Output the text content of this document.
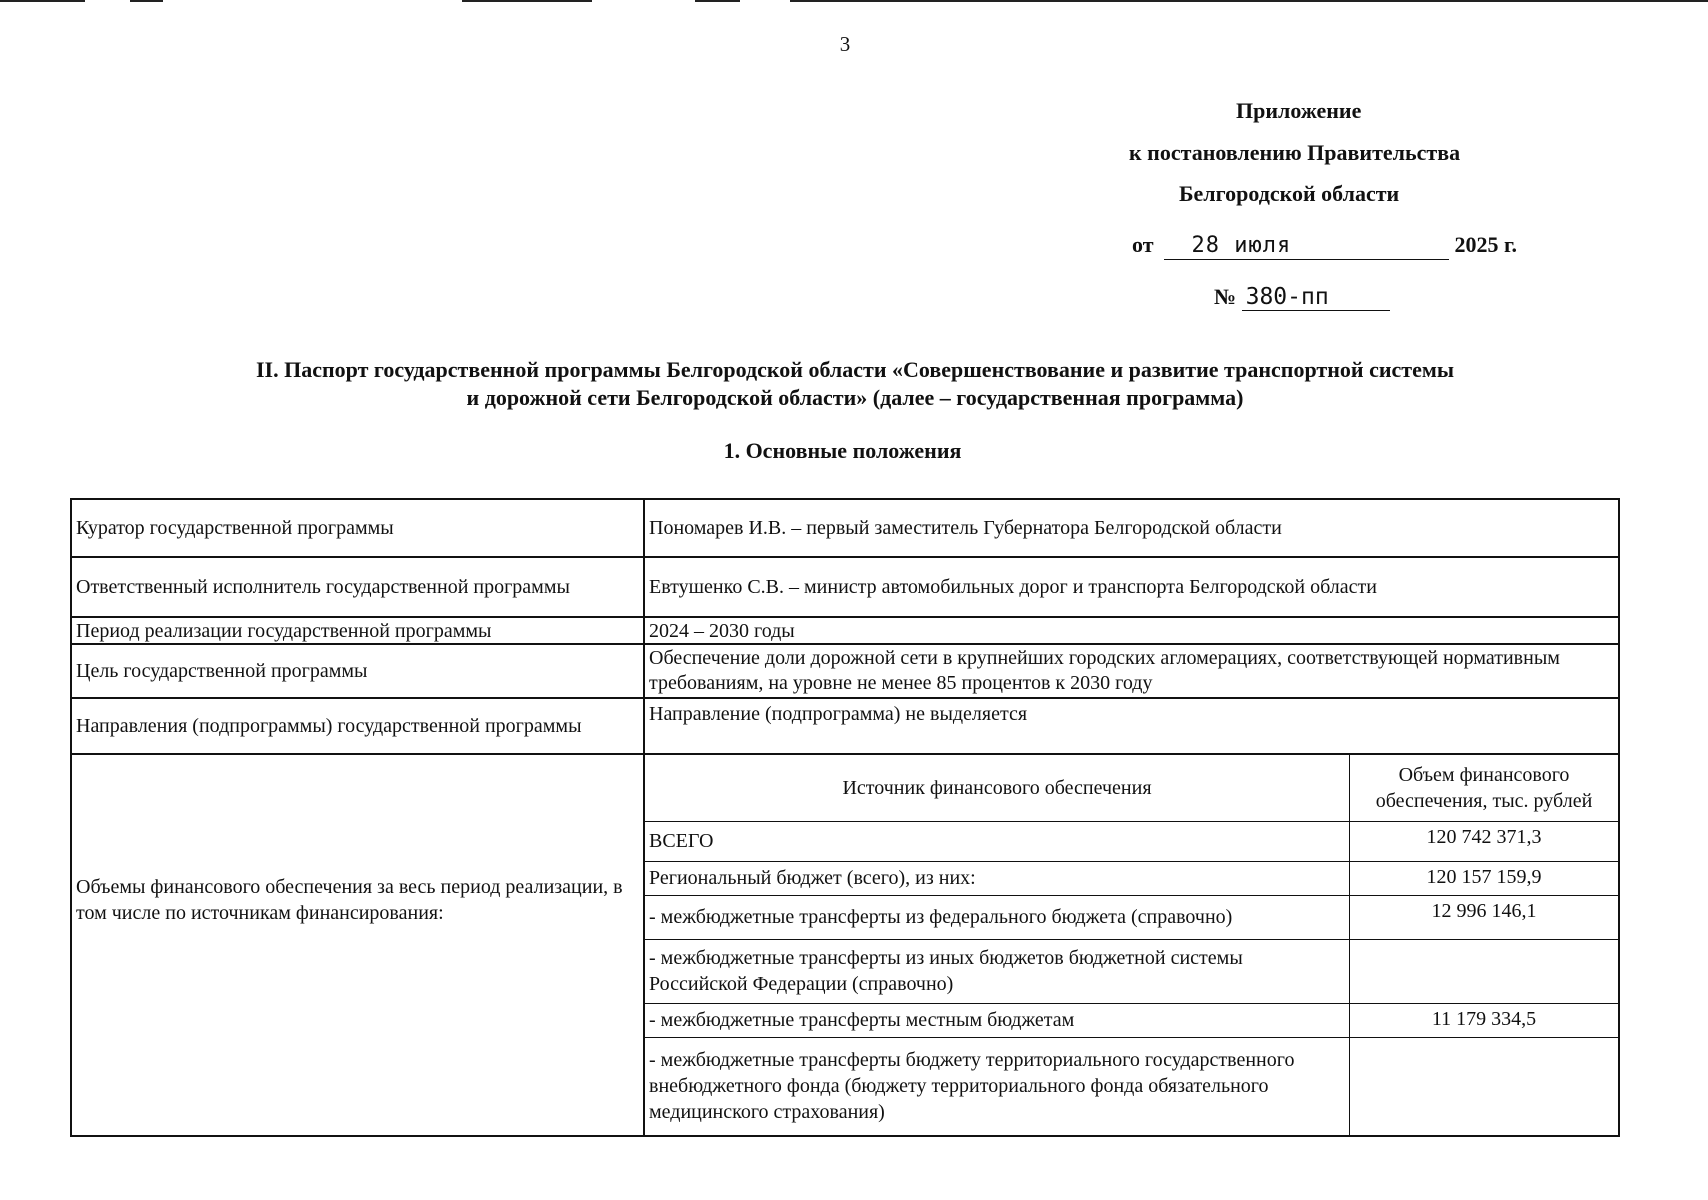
3
Приложение
к постановлению Правительства
Белгородской области
от 28 июля	2025 г.
№ 380-пп
II. Паспорт государственной программы Белгородской области «Совершенствование и развитие транспортной системы
и дорожной сети Белгородской области» (далее – государственная программа)
1. Основные положения
Куратор государственной программы	Пономарев И.В. – первый заместитель Губернатора Белгородской области
Ответственный исполнитель государственной программы	Евтушенко С.В. – министр автомобильных дорог и транспорта Белгородской области
Период реализации государственной программы	2024 – 2030 годы
Цель государственной программы	Обеспечение доли дорожной сети в крупнейших городских агломерациях, соответствующей нормативным требованиям, на уровне не менее 85 процентов к 2030 году
Направления (подпрограммы) государственной программы	Направление (подпрограмма) не выделяется
Объемы финансового обеспечения за весь период реализации, в том числе по источникам финансирования:	
Источник финансового обеспечения	Объем финансового обеспечения, тыс. рублей
ВСЕГО	120 742 371,3
Региональный бюджет (всего), из них:	120 157 159,9
- межбюджетные трансферты из федерального бюджета (справочно)	12 996 146,1
- межбюджетные трансферты из иных бюджетов бюджетной системы Российской Федерации (справочно)	
- межбюджетные трансферты местным бюджетам	11 179 334,5
- межбюджетные трансферты бюджету территориального государственного внебюджетного фонда (бюджету территориального фонда обязательного медицинского страхования)	
